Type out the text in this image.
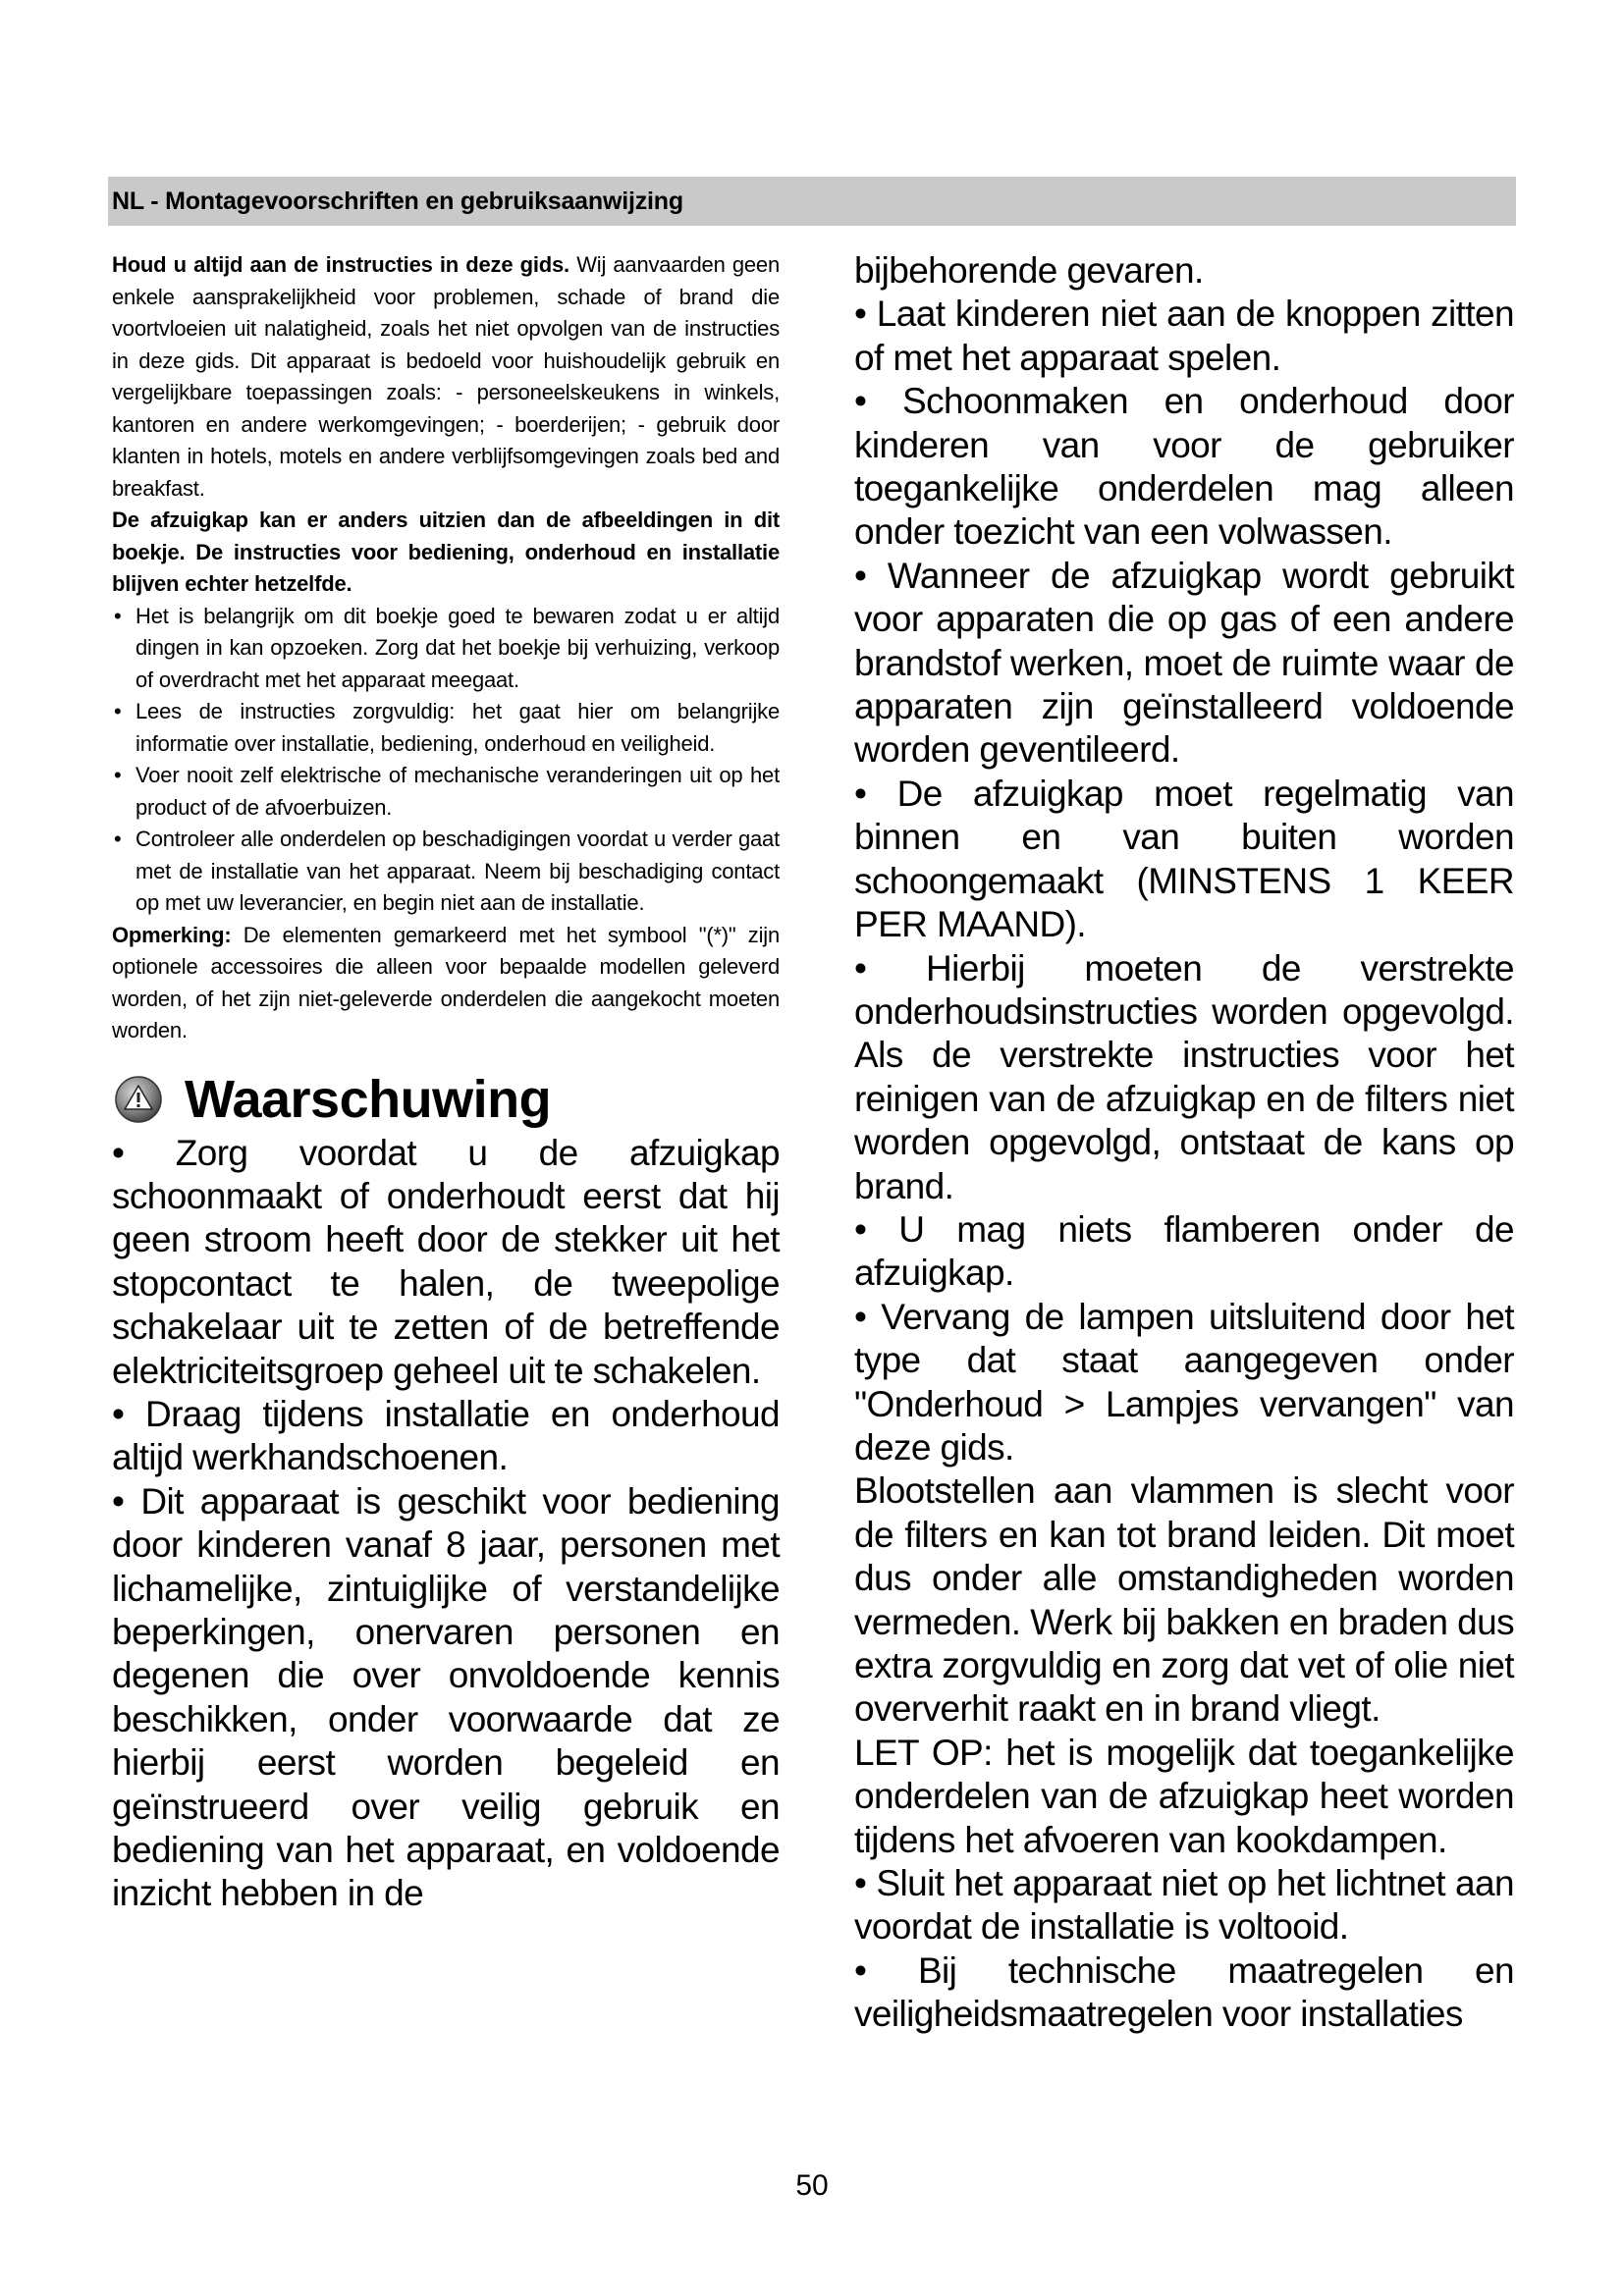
NL - Montagevoorschriften en gebruiksaanwijzing

Houd u altijd aan de instructies in deze gids. Wij aanvaarden geen enkele aansprakelijkheid voor problemen, schade of brand die voortvloeien uit nalatigheid, zoals het niet opvolgen van de instructies in deze gids. Dit apparaat is bedoeld voor huishoudelijk gebruik en vergelijkbare toepassingen zoals: - personeelskeukens in winkels, kantoren en andere werkomgevingen; - boerderijen; - gebruik door klanten in hotels, motels en andere verblijfsomgevingen zoals bed and breakfast.

De afzuigkap kan er anders uitzien dan de afbeeldingen in dit boekje. De instructies voor bediening, onderhoud en installatie blijven echter hetzelfde.

• Het is belangrijk om dit boekje goed te bewaren zodat u er altijd dingen in kan opzoeken. Zorg dat het boekje bij verhuizing, verkoop of overdracht met het apparaat meegaat.
• Lees de instructies zorgvuldig: het gaat hier om belangrijke informatie over installatie, bediening, onderhoud en veiligheid.
• Voer nooit zelf elektrische of mechanische veranderingen uit op het product of de afvoerbuizen.
• Controleer alle onderdelen op beschadigingen voordat u verder gaat met de installatie van het apparaat. Neem bij beschadiging contact op met uw leverancier, en begin niet aan de installatie.

Opmerking: De elementen gemarkeerd met het symbool "(*)" zijn optionele accessoires die alleen voor bepaalde modellen geleverd worden, of het zijn niet-geleverde onderdelen die aangekocht moeten worden.

Waarschuwing

• Zorg voordat u de afzuigkap schoonmaakt of onderhoudt eerst dat hij geen stroom heeft door de stekker uit het stopcontact te halen, de tweepolige schakelaar uit te zetten of de betreffende elektriciteitsgroep geheel uit te schakelen.

• Draag tijdens installatie en onderhoud altijd werkhandschoenen.

• Dit apparaat is geschikt voor bediening door kinderen vanaf 8 jaar, personen met lichamelijke, zintuiglijke of verstandelijke beperkingen, onervaren personen en degenen die over onvoldoende kennis beschikken, onder voorwaarde dat ze hierbij eerst worden begeleid en geïnstrueerd over veilig gebruik en bediening van het apparaat, en voldoende inzicht hebben in de

bijbehorende gevaren.

• Laat kinderen niet aan de knoppen zitten of met het apparaat spelen.

• Schoonmaken en onderhoud door kinderen van voor de gebruiker toegankelijke onderdelen mag alleen onder toezicht van een volwassen.

• Wanneer de afzuigkap wordt gebruikt voor apparaten die op gas of een andere brandstof werken, moet de ruimte waar de apparaten zijn geïnstalleerd voldoende worden geventileerd.

• De afzuigkap moet regelmatig van binnen en van buiten worden schoongemaakt (MINSTENS 1 KEER PER MAAND).

• Hierbij moeten de verstrekte onderhoudsinstructies worden opgevolgd. Als de verstrekte instructies voor het reinigen van de afzuigkap en de filters niet worden opgevolgd, ontstaat de kans op brand.

• U mag niets flamberen onder de afzuigkap.

• Vervang de lampen uitsluitend door het type dat staat aangegeven onder "Onderhoud > Lampjes vervangen" van deze gids.

Blootstellen aan vlammen is slecht voor de filters en kan tot brand leiden. Dit moet dus onder alle omstandigheden worden vermeden. Werk bij bakken en braden dus extra zorgvuldig en zorg dat vet of olie niet oververhit raakt en in brand vliegt.

LET OP: het is mogelijk dat toegankelijke onderdelen van de afzuigkap heet worden tijdens het afvoeren van kookdampen.

• Sluit het apparaat niet op het lichtnet aan voordat de installatie is voltooid.

• Bij technische maatregelen en veiligheidsmaatregelen voor installaties

50
